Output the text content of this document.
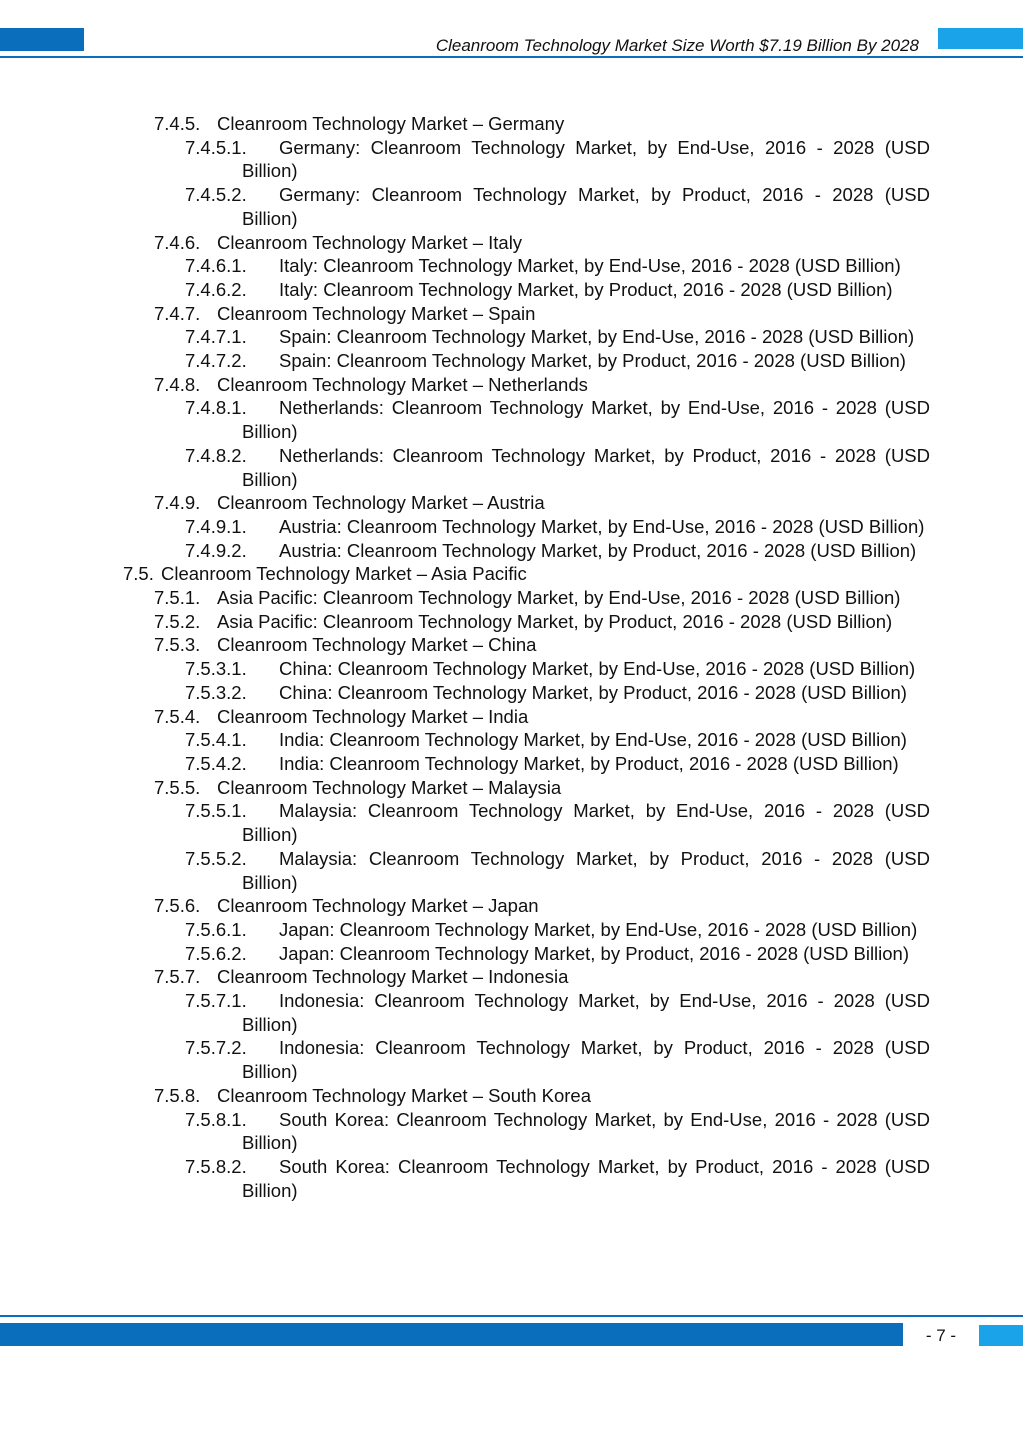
Cleanroom Technology Market Size Worth $7.19 Billion By 2028
7.4.5. Cleanroom Technology Market – Germany
7.4.5.1.	Germany: Cleanroom Technology Market, by End-Use, 2016 - 2028 (USD Billion)
7.4.5.2.	Germany: Cleanroom Technology Market, by Product, 2016 - 2028 (USD Billion)
7.4.6. Cleanroom Technology Market – Italy
7.4.6.1.	Italy: Cleanroom Technology Market, by End-Use, 2016 - 2028 (USD Billion)
7.4.6.2.	Italy: Cleanroom Technology Market, by Product, 2016 - 2028 (USD Billion)
7.4.7. Cleanroom Technology Market – Spain
7.4.7.1.	Spain: Cleanroom Technology Market, by End-Use, 2016 - 2028 (USD Billion)
7.4.7.2.	Spain: Cleanroom Technology Market, by Product, 2016 - 2028 (USD Billion)
7.4.8. Cleanroom Technology Market – Netherlands
7.4.8.1.	Netherlands: Cleanroom Technology Market, by End-Use, 2016 - 2028 (USD Billion)
7.4.8.2.	Netherlands: Cleanroom Technology Market, by Product, 2016 - 2028 (USD Billion)
7.4.9. Cleanroom Technology Market – Austria
7.4.9.1.	Austria: Cleanroom Technology Market, by End-Use, 2016 - 2028 (USD Billion)
7.4.9.2.	Austria: Cleanroom Technology Market, by Product, 2016 - 2028 (USD Billion)
7.5. Cleanroom Technology Market – Asia Pacific
7.5.1. Asia Pacific: Cleanroom Technology Market, by End-Use, 2016 - 2028 (USD Billion)
7.5.2. Asia Pacific: Cleanroom Technology Market, by Product, 2016 - 2028 (USD Billion)
7.5.3. Cleanroom Technology Market – China
7.5.3.1.	China: Cleanroom Technology Market, by End-Use, 2016 - 2028 (USD Billion)
7.5.3.2.	China: Cleanroom Technology Market, by Product, 2016 - 2028 (USD Billion)
7.5.4. Cleanroom Technology Market – India
7.5.4.1.	India: Cleanroom Technology Market, by End-Use, 2016 - 2028 (USD Billion)
7.5.4.2.	India: Cleanroom Technology Market, by Product, 2016 - 2028 (USD Billion)
7.5.5. Cleanroom Technology Market – Malaysia
7.5.5.1.	Malaysia: Cleanroom Technology Market, by End-Use, 2016 - 2028 (USD Billion)
7.5.5.2.	Malaysia: Cleanroom Technology Market, by Product, 2016 - 2028 (USD Billion)
7.5.6. Cleanroom Technology Market – Japan
7.5.6.1.	Japan: Cleanroom Technology Market, by End-Use, 2016 - 2028 (USD Billion)
7.5.6.2.	Japan: Cleanroom Technology Market, by Product, 2016 - 2028 (USD Billion)
7.5.7. Cleanroom Technology Market – Indonesia
7.5.7.1.	Indonesia: Cleanroom Technology Market, by End-Use, 2016 - 2028 (USD Billion)
7.5.7.2.	Indonesia: Cleanroom Technology Market, by Product, 2016 - 2028 (USD Billion)
7.5.8. Cleanroom Technology Market – South Korea
7.5.8.1.	South Korea: Cleanroom Technology Market, by End-Use, 2016 - 2028 (USD Billion)
7.5.8.2.	South Korea: Cleanroom Technology Market, by Product, 2016 - 2028 (USD Billion)
- 7 -
